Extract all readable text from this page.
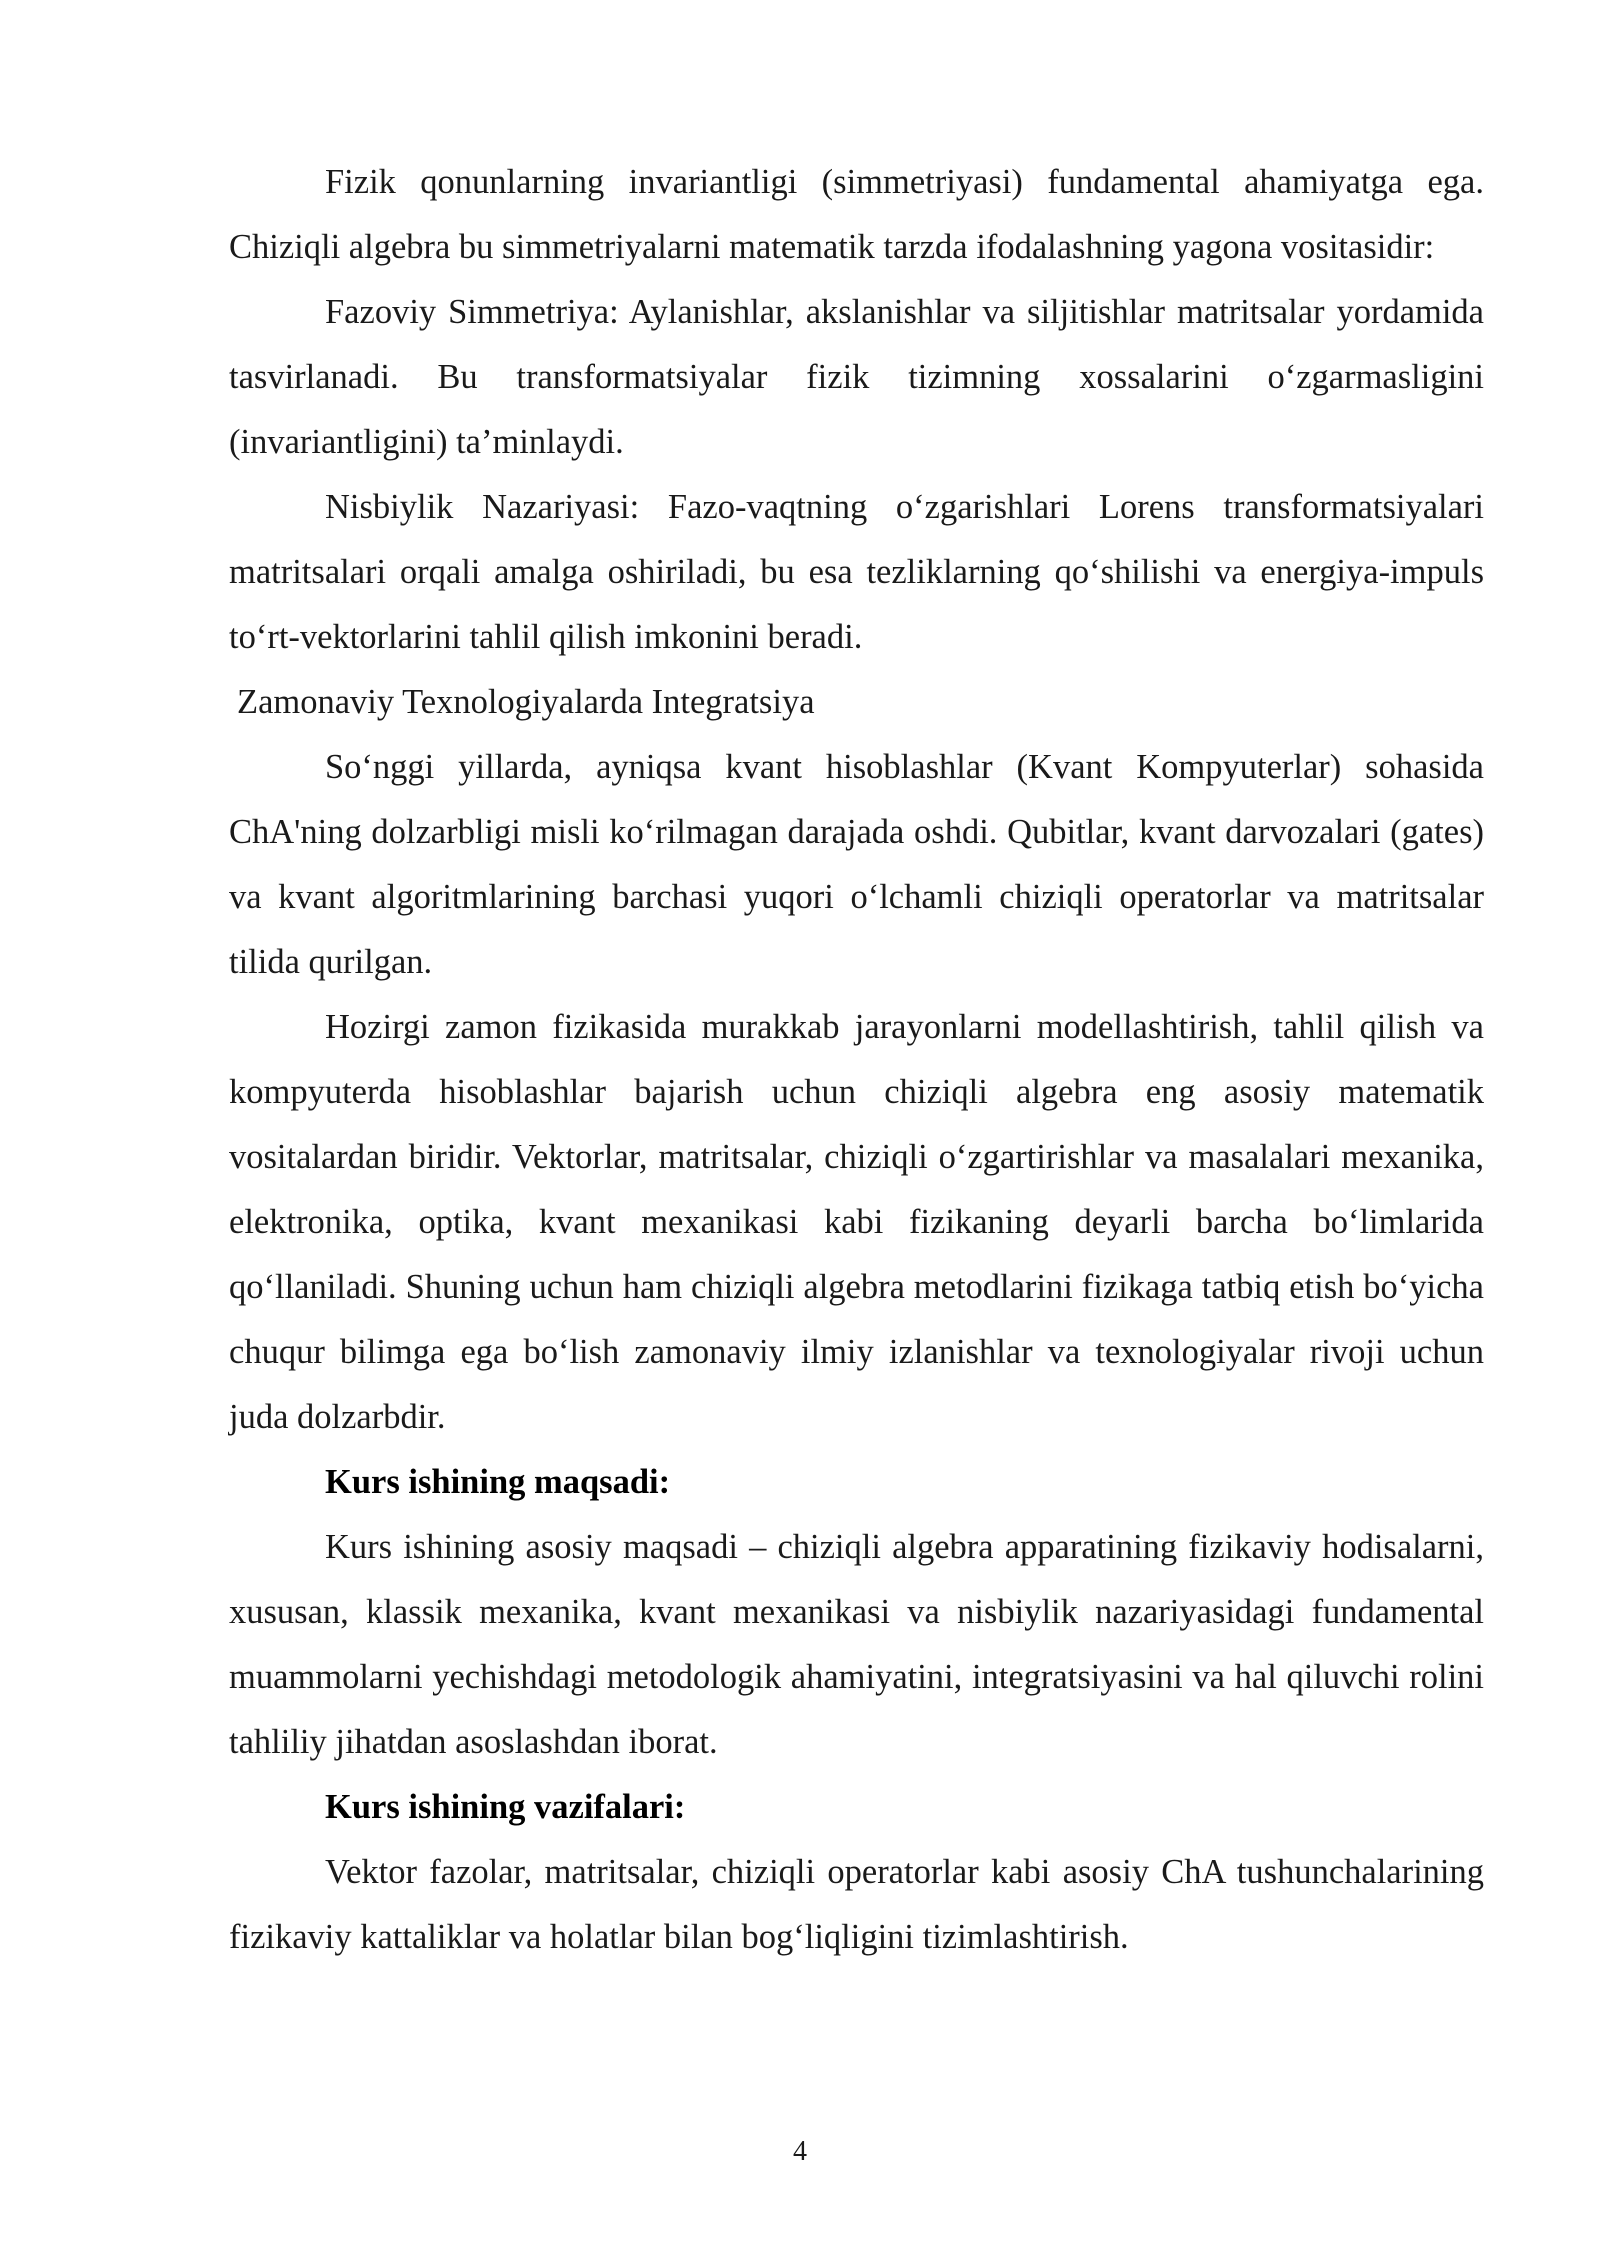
Fizik qonunlarning invariantligi (simmetriyasi) fundamental ahamiyatga ega. Chiziqli algebra bu simmetriyalarni matematik tarzda ifodalashning yagona vositasidir:

Fazoviy Simmetriya: Aylanishlar, akslanishlar va siljitishlar matritsalar yordamida tasvirlanadi. Bu transformatsiyalar fizik tizimning xossalarini o‘zgarmasligini (invariantligini) ta’minlaydi.

Nisbiylik Nazariyasi: Fazo-vaqtning o‘zgarishlari Lorens transformatsiyalari matritsalari orqali amalga oshiriladi, bu esa tezliklarning qo‘shilishi va energiya-impuls to‘rt-vektorlarini tahlil qilish imkonini beradi.

Zamonaviy Texnologiyalarda Integratsiya

So‘nggi yillarda, ayniqsa kvant hisoblashlar (Kvant Kompyuterlar) sohasida ChA'ning dolzarbligi misli ko‘rilmagan darajada oshdi. Qubitlar, kvant darvozalari (gates) va kvant algoritmlarining barchasi yuqori o‘lchamli chiziqli operatorlar va matritsalar tilida qurilgan.

Hozirgi zamon fizikasida murakkab jarayonlarni modellashtirish, tahlil qilish va kompyuterda hisoblashlar bajarish uchun chiziqli algebra eng asosiy matematik vositalardan biridir. Vektorlar, matritsalar, chiziqli o‘zgartirishlar va masalalari mexanika, elektronika, optika, kvant mexanikasi kabi fizikaning deyarli barcha bo‘limlarida qo‘llaniladi. Shuning uchun ham chiziqli algebra metodlarini fizikaga tatbiq etish bo‘yicha chuqur bilimga ega bo‘lish zamonaviy ilmiy izlanishlar va texnologiyalar rivoji uchun juda dolzarbdir.

Kurs ishining maqsadi:

Kurs ishining asosiy maqsadi – chiziqli algebra apparatining fizikaviy hodisalarni, xususan, klassik mexanika, kvant mexanikasi va nisbiylik nazariyasidagi fundamental muammolarni yechishdagi metodologik ahamiyatini, integratsiyasini va hal qiluvchi rolini tahliliy jihatdan asoslashdan iborat.

Kurs ishining vazifalari:

Vektor fazolar, matritsalar, chiziqli operatorlar kabi asosiy ChA tushunchalarining fizikaviy kattaliklar va holatlar bilan bog‘liqligini tizimlashtirish.

4
